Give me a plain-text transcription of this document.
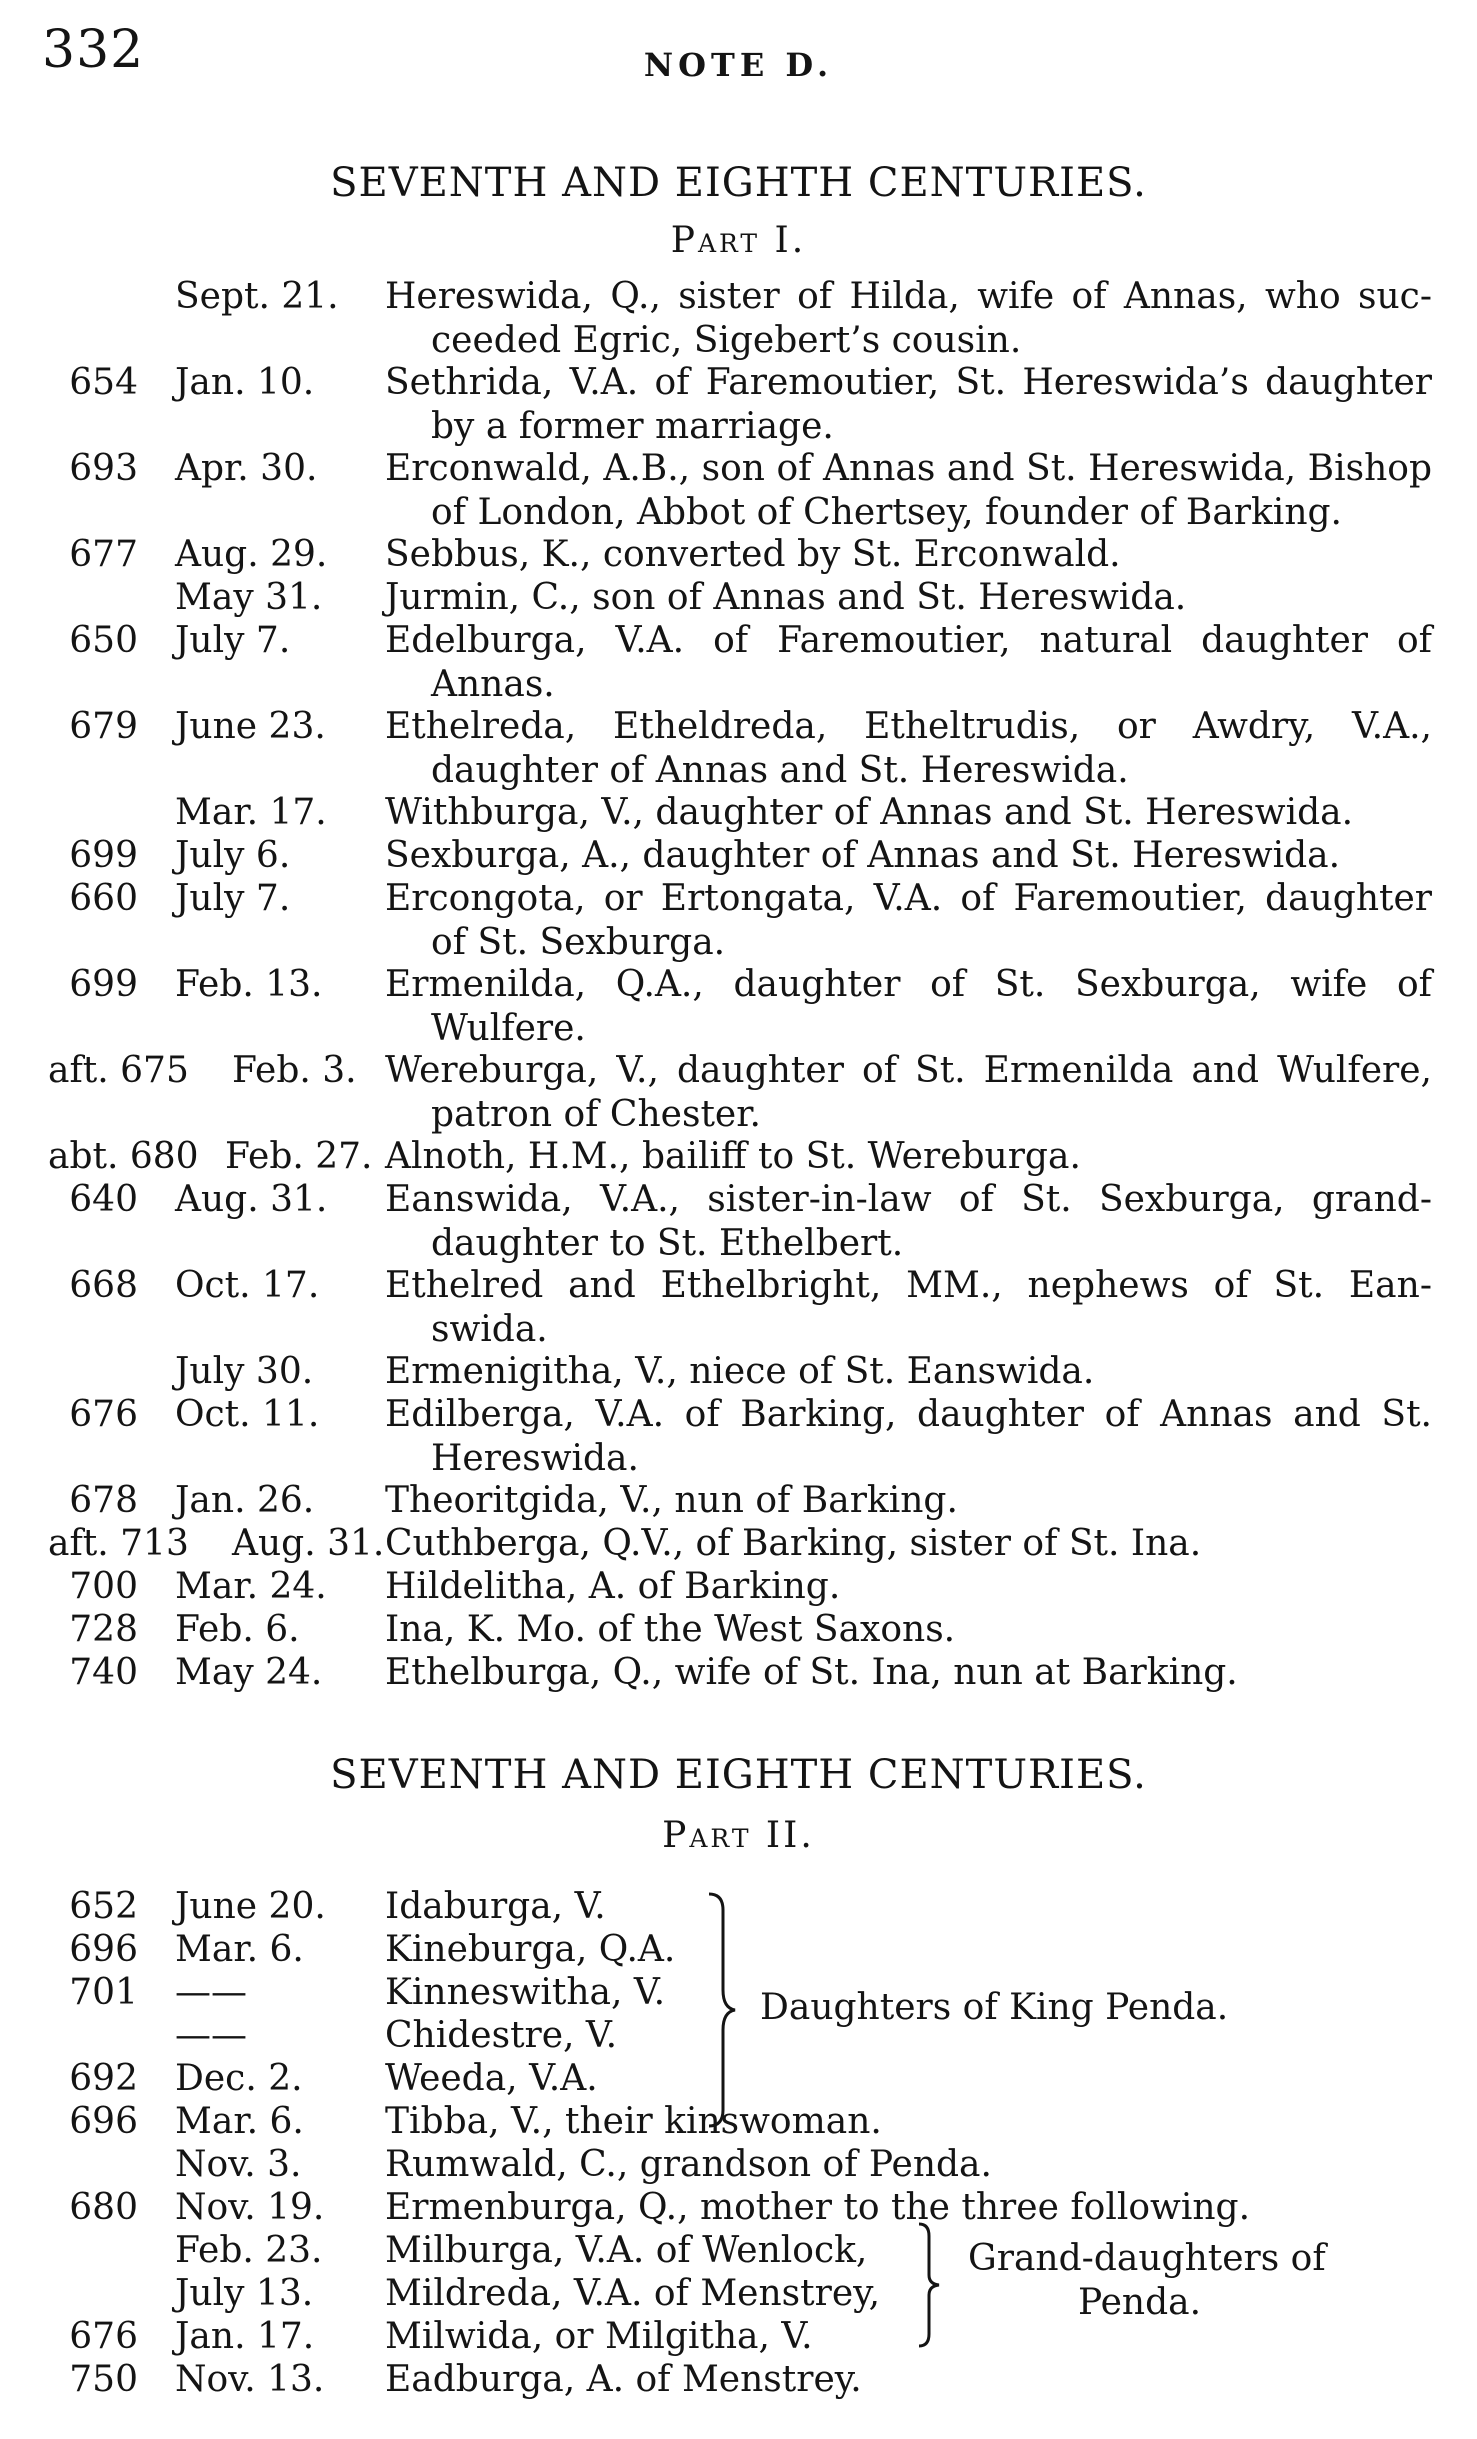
332	NOTE D.
SEVENTH AND EIGHTH CENTURIES.
Part I.
Sept. 21. Hereswida, Q., sister of Hilda, wife of Annas, who suc-
ceeded Egric, Sigebert’s cousin.
654 Jan. 10. Sethrida, V.A. of Faremoutier, St. Hereswida’s daughter
by a former marriage.
693 Apr. 30. Erconwald, A.B., son of Annas and St. Hereswida, Bishop
of London, Abbot of Chertsey, founder of Barking.
677 Aug. 29. Sebbus, K., converted by St. Erconwald.
May 31. Jurmin, C., son of Annas and St. Hereswida.
650 July 7.	Edelburga, V.A. of Faremoutier, natural daughter of
Annas.
679 June 23. Ethelreda, Etheldreda, Etheltrudis, or Awdry, V.A.,
daughter of Annas and St. Hereswida.
Mar. 17. Withburga, V., daughter of Annas and St. Hereswida.
699 July 6.	Sexburga, A., daughter of Annas and St. Hereswida.
660 July 7.	Ercongota, or Ertongata, V.A. of Faremoutier, daughter
of St. Sexburga.
699 Feb. 13. Ermenilda, Q.A., daughter of St. Sexburga, wife of
Wulfere.
aft. 675 Feb. 3. Wereburga, V., daughter of St. Ermenilda and Wulfere,
patron of Chester.
abt. 680 Feb. 27. Alnoth, H.M., bailiff to St. Wereburga.
640 Aug. 31. Eanswida, V.A., sister-in-law of St. Sexburga, grand-
daughter to St. Ethelbert.
668 Oct. 17. Ethelred and Ethelbright, MM., nephews of St. Ean-
swida.
July 30. Ermenigitha, V., niece of St. Eanswida.
676 Oct. 11. Edilberga, V.A. of Barking, daughter of Annas and St.
Hereswida.
678 Jan. 26. Theoritgida, V., nun of Barking.
aft. 713 Aug. 31. Cuthberga, Q.V., of Barking, sister of St. Ina.
700 Mar. 24. Hildelitha, A. of Barking.
728 Feb. 6. Ina, K. Mo. of the West Saxons.
740 May 24. Ethelburga, Q., wife of St. Ina, nun at Barking.
SEVENTH AND EIGHTH CENTURIES.
Part II.
652 June 20. Idaburga, V.
696 Mar. 6. Kineburga, Q.A.
701 ——	Kinneswitha, V.
——	Chidestre, V.
692 Dec. 2. Weeda, V.A.
696 Mar. 6. Tibba, V., their kinswoman.
Nov. 3. Rumwald, C., grandson of Penda.
680 Nov. 19. Ermenburga, Q., mother to the three following.
Feb. 23. Milburga, V.A. of Wenlock,
July 13. Mildreda, V.A. of Menstrey,
676 Jan. 17. Milwida, or Milgitha, V.
750 Nov. 13. Eadburga, A. of Menstrey.
Daughters of King Penda.
Grand-daughters of
Penda.
